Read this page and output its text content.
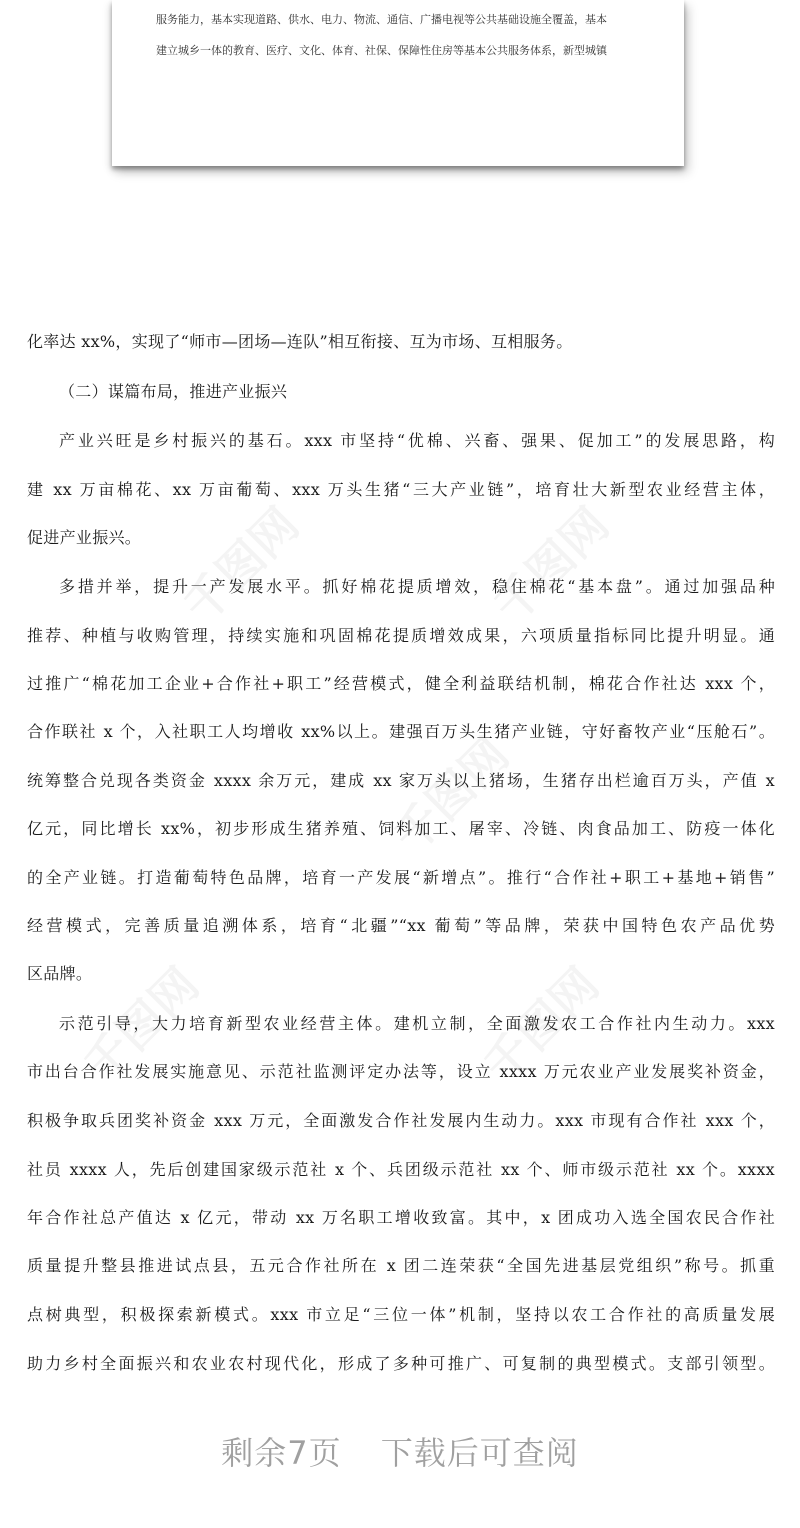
服务能力，基本实现道路、供水、电力、物流、通信、广播电视等公共基础设施全覆盖，基本
建立城乡一体的教育、医疗、文化、体育、社保、保障性住房等基本公共服务体系，新型城镇
千图网	千图网
千图网
千图网	千图网
化率达 xx%，实现了“师市—团场—连队”相互衔接、互为市场、互相服务。
（二）谋篇布局，推进产业振兴
产业兴旺是乡村振兴的基石。xxx 市坚持“优棉、兴畜、强果、促加工”的发展思路，构
建 xx 万亩棉花、xx 万亩葡萄、xxx 万头生猪“三大产业链”，培育壮大新型农业经营主体，
促进产业振兴。
多措并举，提升一产发展水平。抓好棉花提质增效，稳住棉花“基本盘”。通过加强品种
推荐、种植与收购管理，持续实施和巩固棉花提质增效成果，六项质量指标同比提升明显。通
过推广“棉花加工企业+合作社+职工”经营模式，健全利益联结机制，棉花合作社达 xxx 个，
合作联社 x 个，入社职工人均增收 xx%以上。建强百万头生猪产业链，守好畜牧产业“压舱石”。
统筹整合兑现各类资金 xxxx 余万元，建成 xx 家万头以上猪场，生猪存出栏逾百万头，产值 x
亿元，同比增长 xx%，初步形成生猪养殖、饲料加工、屠宰、冷链、肉食品加工、防疫一体化
的全产业链。打造葡萄特色品牌，培育一产发展“新增点”。推行“合作社+职工+基地+销售”
经营模式，完善质量追溯体系，培育“北疆”“xx 葡萄”等品牌，荣获中国特色农产品优势
区品牌。
示范引导，大力培育新型农业经营主体。建机立制，全面激发农工合作社内生动力。xxx
市出台合作社发展实施意见、示范社监测评定办法等，设立 xxxx 万元农业产业发展奖补资金，
积极争取兵团奖补资金 xxx 万元，全面激发合作社发展内生动力。xxx 市现有合作社 xxx 个，
社员 xxxx 人，先后创建国家级示范社 x 个、兵团级示范社 xx 个、师市级示范社 xx 个。xxxx
年合作社总产值达 x 亿元，带动 xx 万名职工增收致富。其中，x 团成功入选全国农民合作社
质量提升整县推进试点县，五元合作社所在 x 团二连荣获“全国先进基层党组织”称号。抓重
点树典型，积极探索新模式。xxx 市立足“三位一体”机制，坚持以农工合作社的高质量发展
助力乡村全面振兴和农业农村现代化，形成了多种可推广、可复制的典型模式。支部引领型。
剩余7页 下载后可查阅
